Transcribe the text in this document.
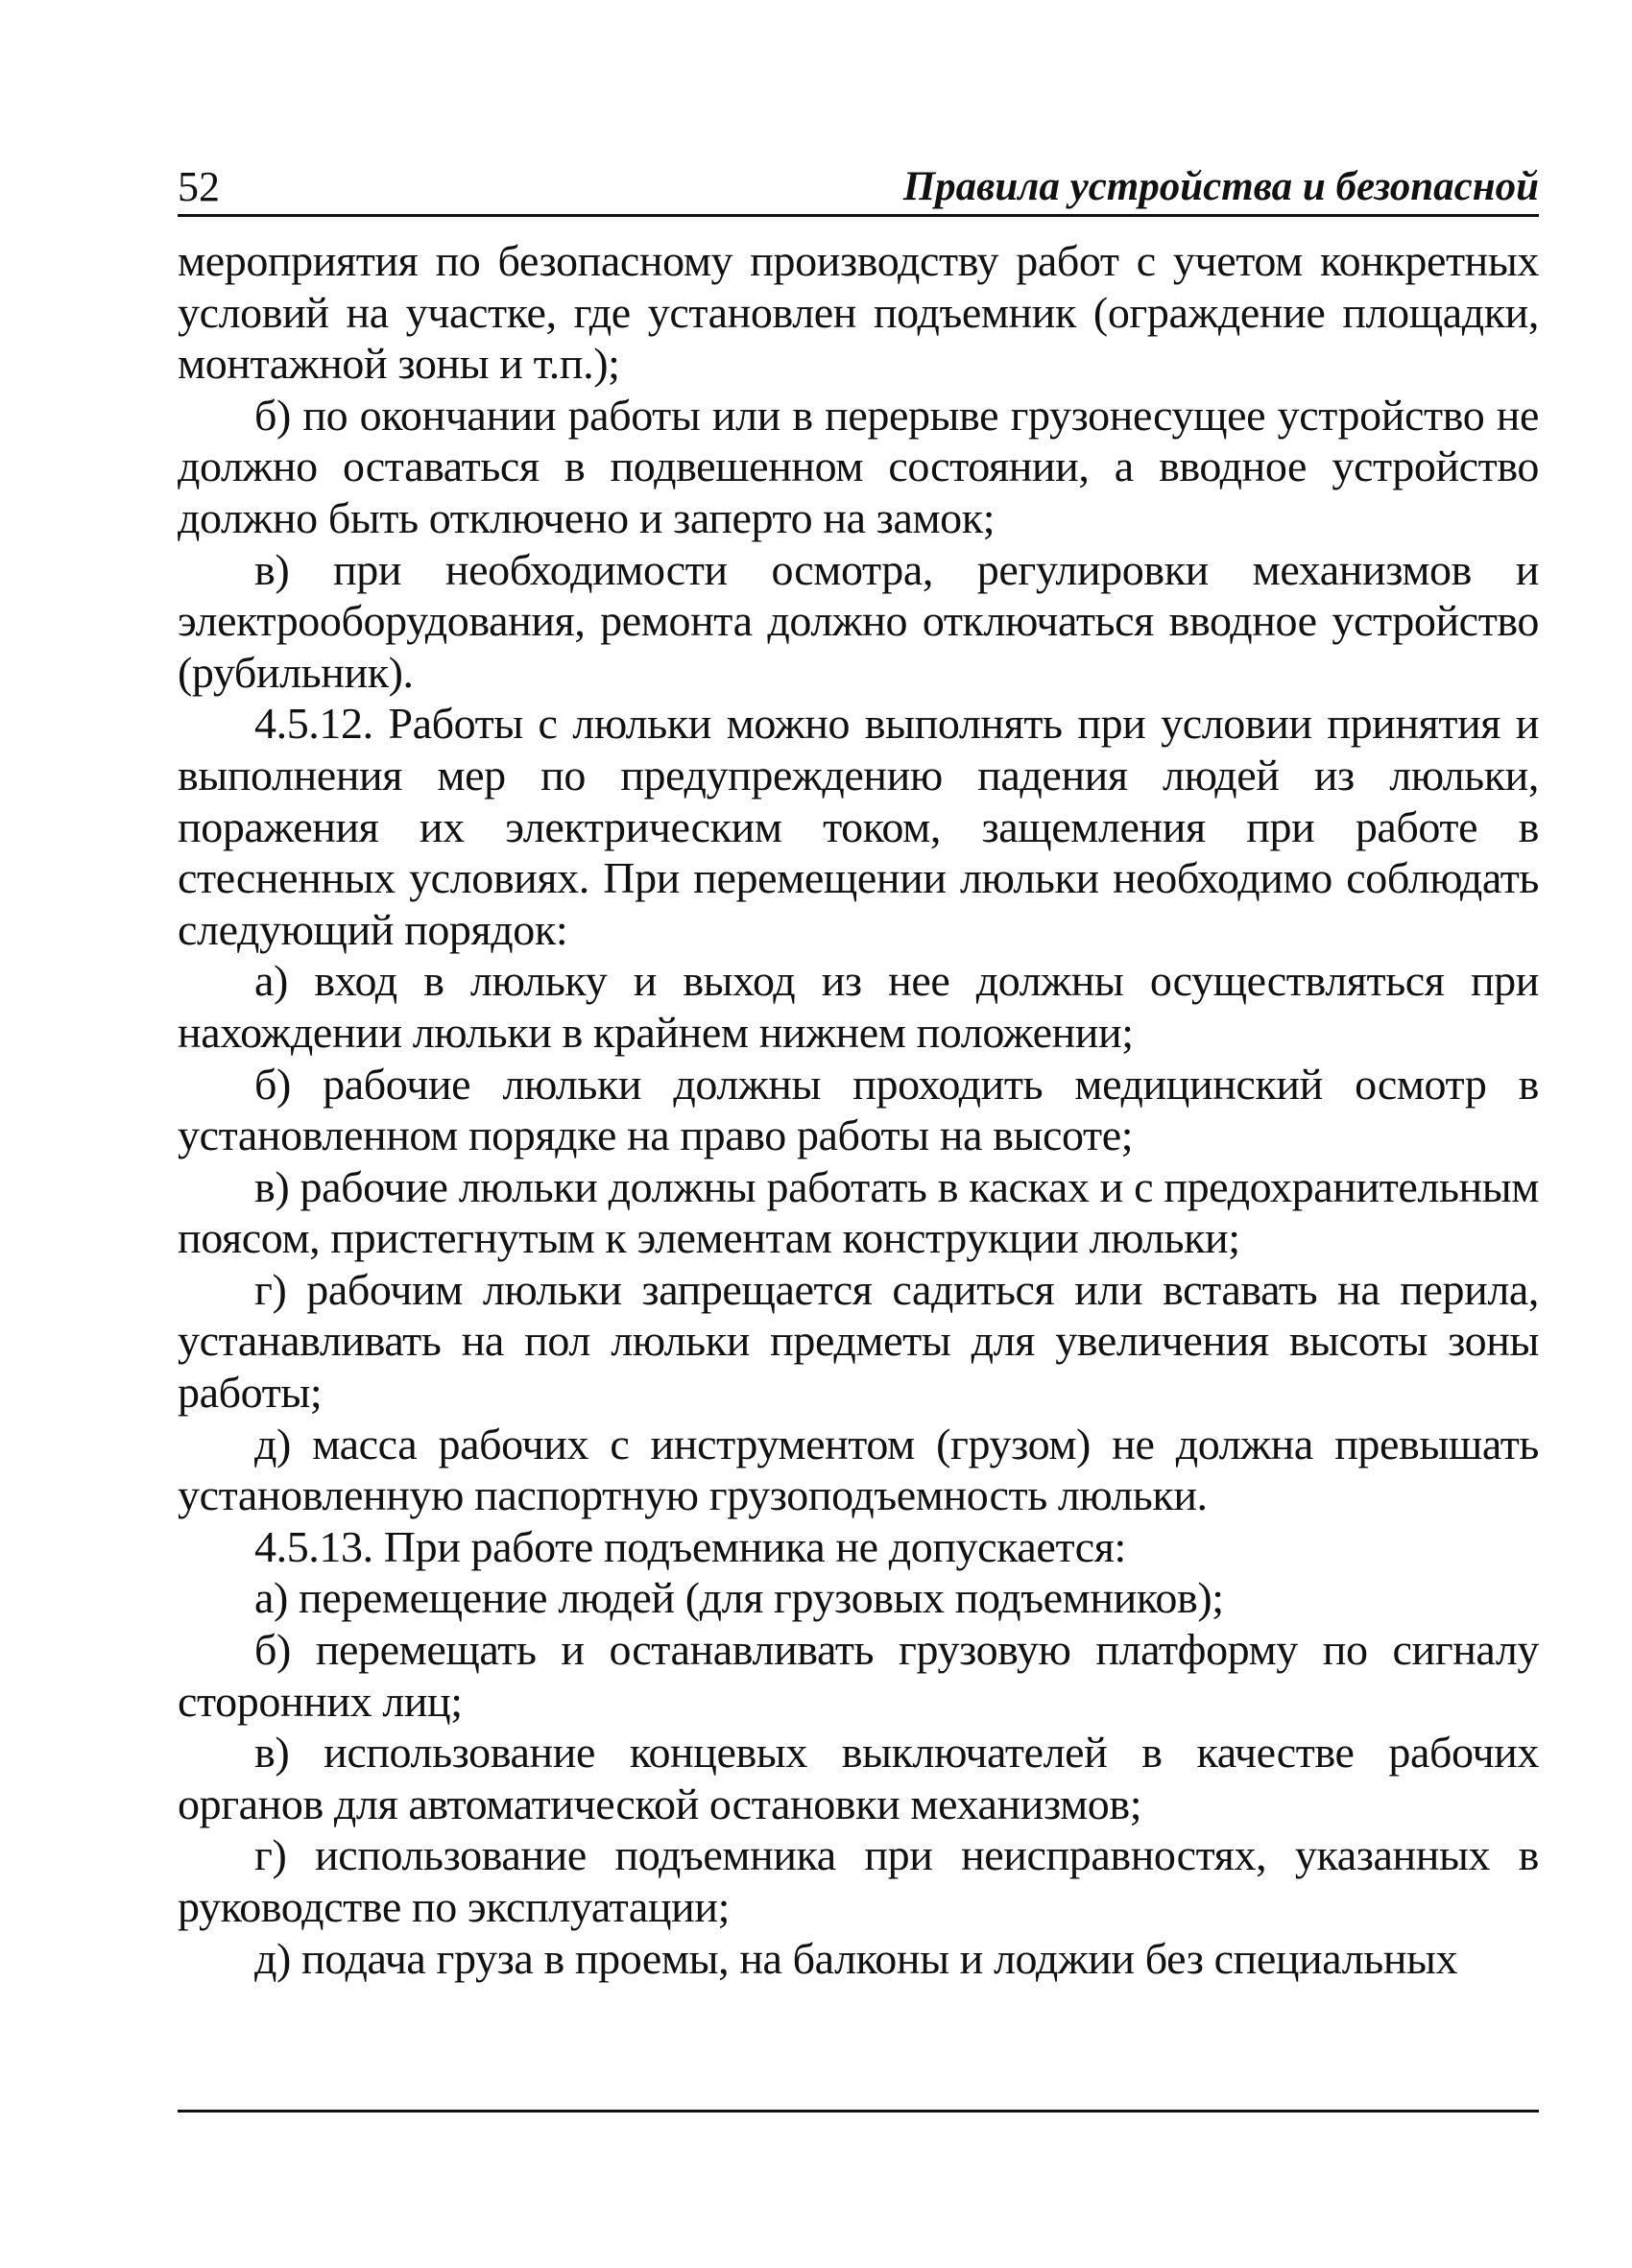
52	Правила устройства и безопасной

мероприятия по безопасному производству работ с учетом конкретных условий на участке, где установлен подъемник (ограждение площадки, монтажной зоны и т.п.);

б) по окончании работы или в перерыве грузонесущее устройство не должно оставаться в подвешенном состоянии, а вводное устройство должно быть отключено и заперто на замок;

в) при необходимости осмотра, регулировки механизмов и электрооборудования, ремонта должно отключаться вводное устройство (рубильник).

4.5.12. Работы с люльки можно выполнять при условии принятия и выполнения мер по предупреждению падения людей из люльки, поражения их электрическим током, защемления при работе в стесненных условиях. При перемещении люльки необходимо соблюдать следующий порядок:

а) вход в люльку и выход из нее должны осуществляться при нахождении люльки в крайнем нижнем положении;

б) рабочие люльки должны проходить медицинский осмотр в установленном порядке на право работы на высоте;

в) рабочие люльки должны работать в касках и с предохранительным поясом, пристегнутым к элементам конструкции люльки;

г) рабочим люльки запрещается садиться или вставать на перила, устанавливать на пол люльки предметы для увеличения высоты зоны работы;

д) масса рабочих с инструментом (грузом) не должна превышать установленную паспортную грузоподъемность люльки.

4.5.13. При работе подъемника не допускается:

а) перемещение людей (для грузовых подъемников);

б) перемещать и останавливать грузовую платформу по сигналу сторонних лиц;

в) использование концевых выключателей в качестве рабочих органов для автоматической остановки механизмов;

г) использование подъемника при неисправностях, указанных в руководстве по эксплуатации;

д) подача груза в проемы, на балконы и лоджии без специальных
